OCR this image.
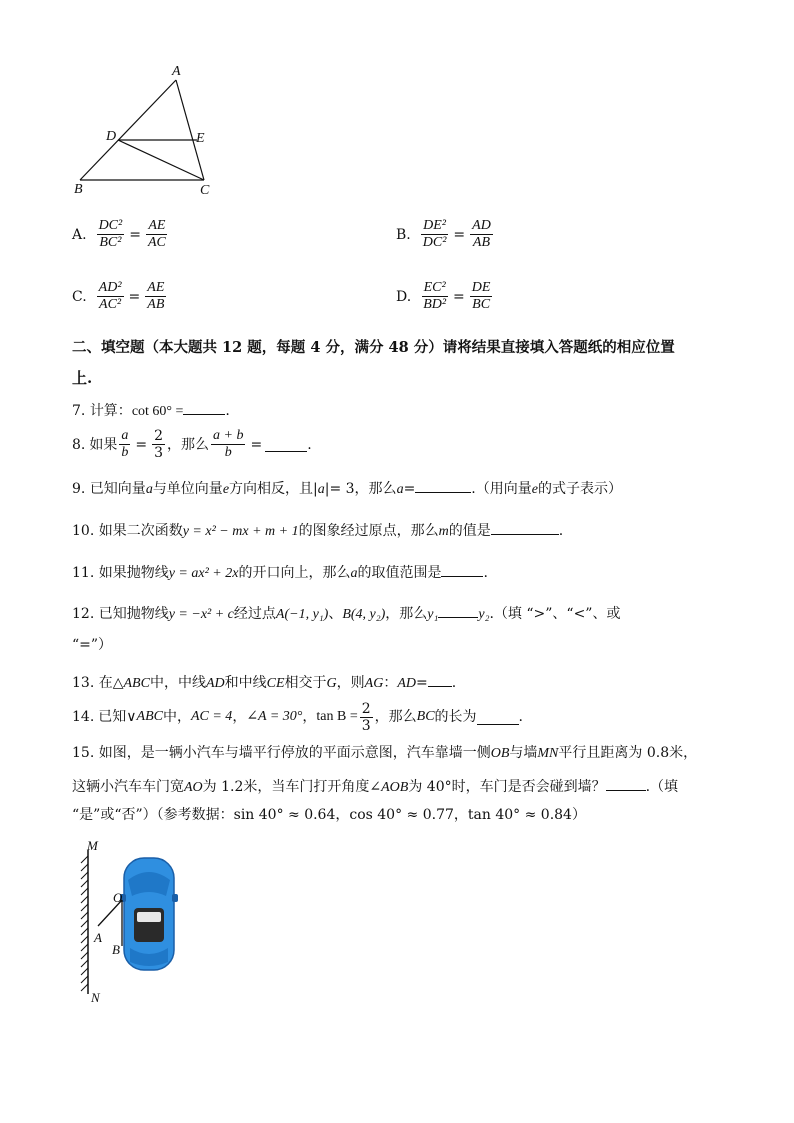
A
B	C
D	E
A. $\frac{\text{DC²}}{\text{BC²}} = \frac{AE}{AC}$	B. $\frac{\text{DE²}}{\text{DC²}} = \frac{AD}{AB}$
C. $\frac{\text{AD²}}{\text{AC²}} = \frac{AE}{AB}$	D. $\frac{\text{EC²}}{\text{BD²}} = \frac{DE}{BC}$
二、填空题（本大题共 12 题，每题 4 分，满分 48 分）请将结果直接填入答题纸的相应位置
上.
7. 计算：cot 60° =	.
8. 如果 $\frac{a}{b} = \frac{2}{3}$ ，那么 $\frac{a + b}{b}$ =	.
9. 已知向量a与单位向量e方向相反，且|a|= 3，那么a=	.（用向量e的式子表示）
10. 如果二次函数y = x² − mx + m + 1的图象经过原点，那么m的值是	.
11. 如果抛物线y = ax² + 2x的开口向上，那么a的取值范围是	.
12. 已知抛物线y = −x² + c经过点A(−1, y₁)、B(4, y₂)，那么y₁	y₂.（填 “>”、“<”、或
“=”）
13. 在△ABC中，中线AD和中线CE相交于G，则AG：AD= .
14. 已知∨ ABC 中， AC = 4 ， ∠A = 30° ， $\tan B = \frac{2}{3}$ ，那么 BC 的长为	.
15. 如图，是一辆小汽车与墙平行停放的平面示意图，汽车靠墙一侧OB与墙MN平行且距离为 0.8米，
这辆小汽车车门宽AO为 1.2米，当车门打开角度∠AOB为 40°时，车门是否会碰到墙？	.（填
“是”或“否”）（参考数据：sin 40° ≈ 0.64，cos 40° ≈ 0.77，tan 40° ≈ 0.84）
M
N
O
A
B
